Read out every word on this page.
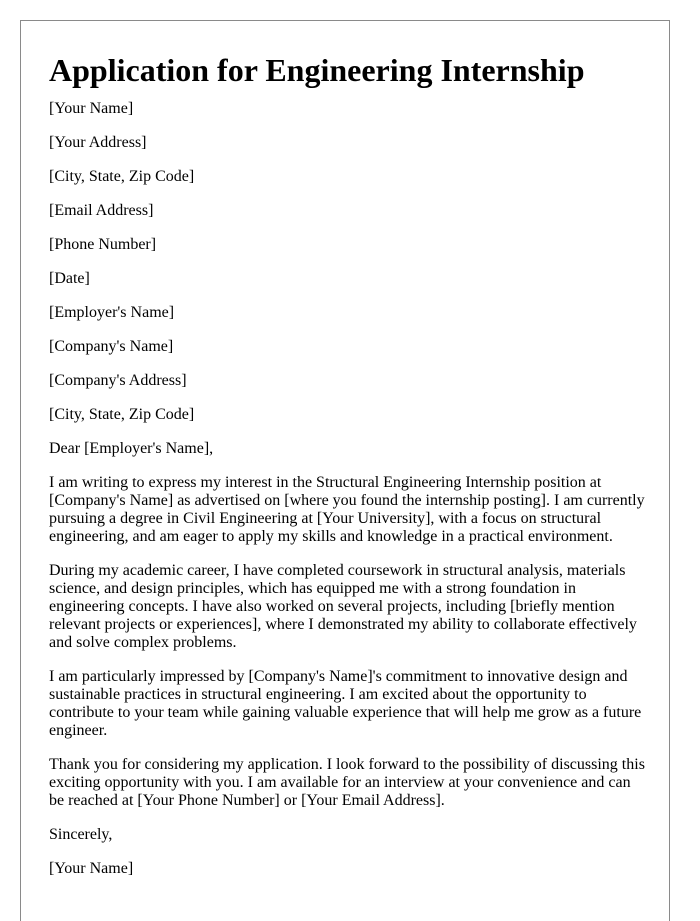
Application for Engineering Internship

[Your Name]

[Your Address]

[City, State, Zip Code]

[Email Address]

[Phone Number]

[Date]

[Employer's Name]

[Company's Name]

[Company's Address]

[City, State, Zip Code]

Dear [Employer's Name],

I am writing to express my interest in the Structural Engineering Internship position at [Company's Name] as advertised on [where you found the internship posting]. I am currently pursuing a degree in Civil Engineering at [Your University], with a focus on structural engineering, and am eager to apply my skills and knowledge in a practical environment.

During my academic career, I have completed coursework in structural analysis, materials science, and design principles, which has equipped me with a strong foundation in engineering concepts. I have also worked on several projects, including [briefly mention relevant projects or experiences], where I demonstrated my ability to collaborate effectively and solve complex problems.

I am particularly impressed by [Company's Name]'s commitment to innovative design and sustainable practices in structural engineering. I am excited about the opportunity to contribute to your team while gaining valuable experience that will help me grow as a future engineer.

Thank you for considering my application. I look forward to the possibility of discussing this exciting opportunity with you. I am available for an interview at your convenience and can be reached at [Your Phone Number] or [Your Email Address].

Sincerely,

[Your Name]
